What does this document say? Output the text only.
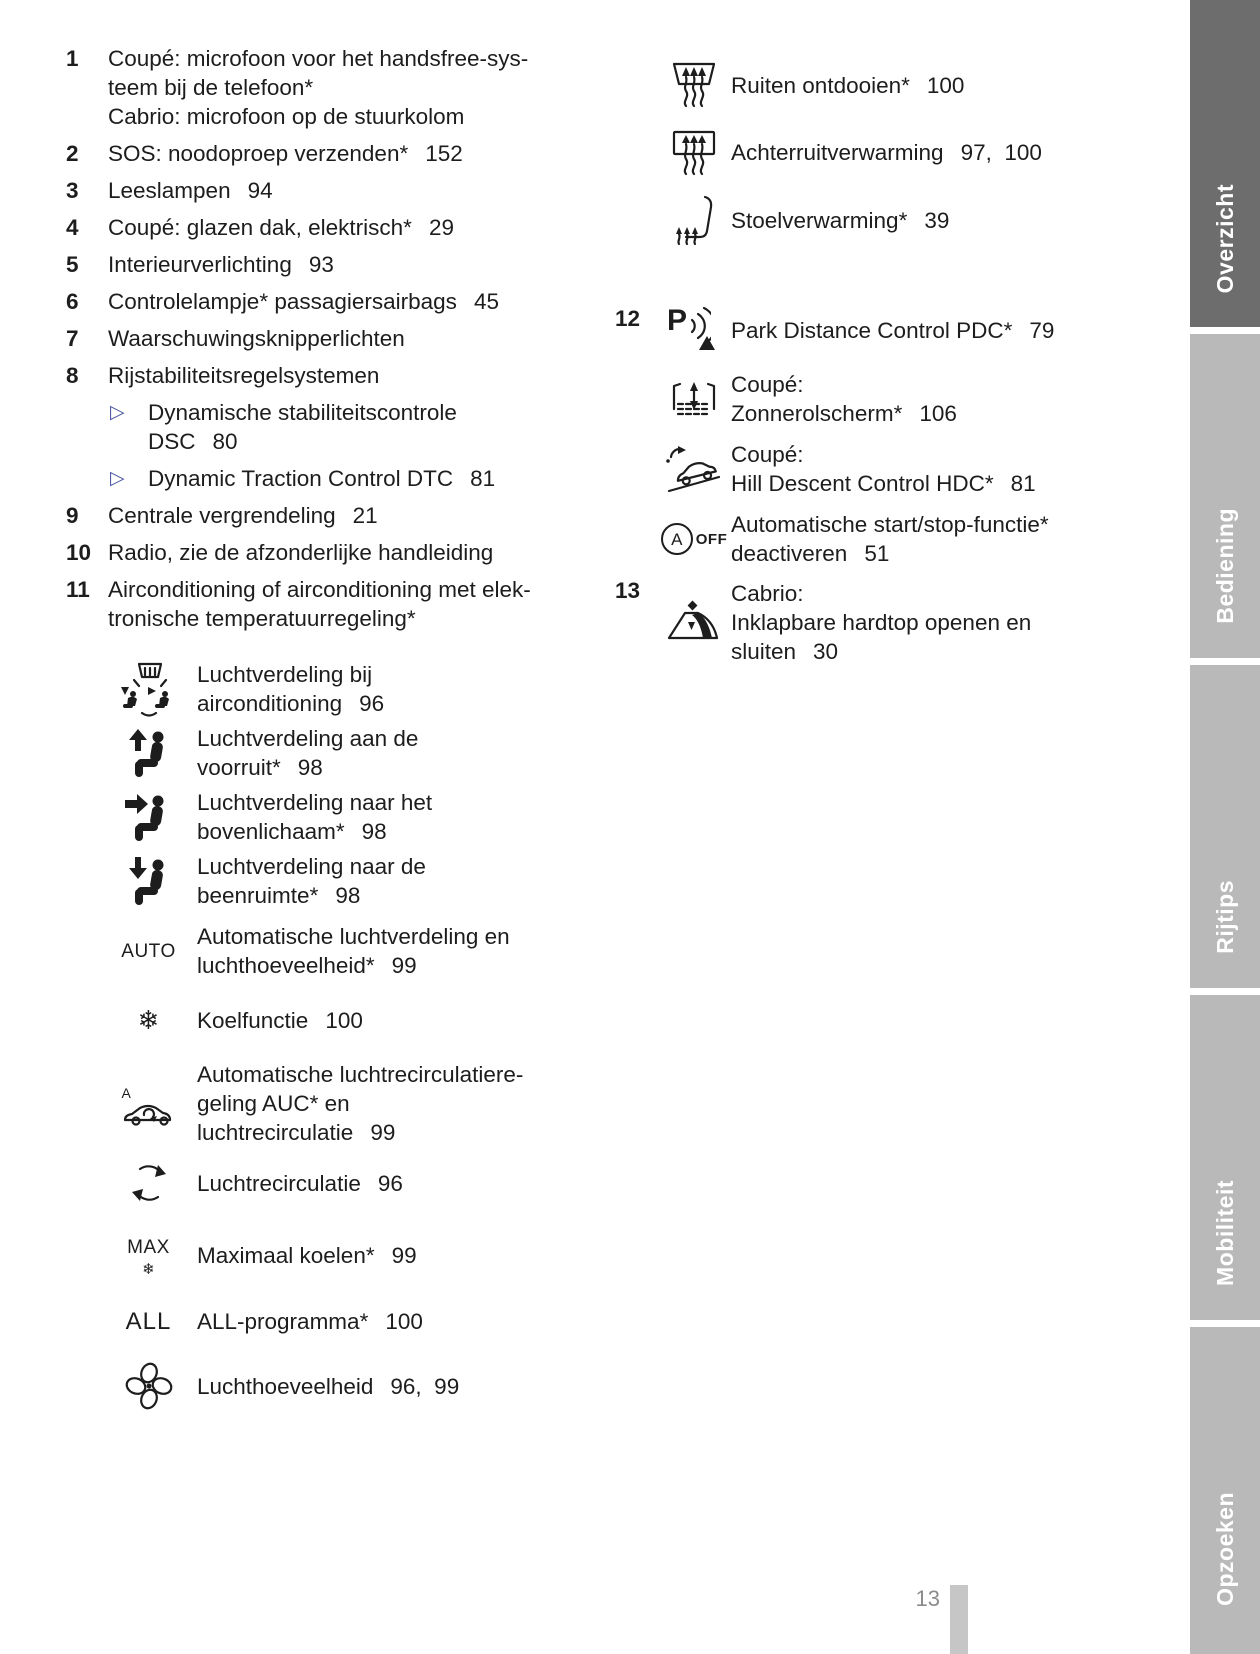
1	Coupé: microfoon voor het handsfree-sys-
teem bij de telefoon*
Cabrio: microfoon op de stuurkolom
2	SOS: noodoproep verzenden* 152
3	Leeslampen 94
4	Coupé: glazen dak, elektrisch* 29
5	Interieurverlichting 93
6	Controlelampje* passagiersairbags 45
7	Waarschuwingsknipperlichten
8	Rijstabiliteitsregelsystemen
▷	Dynamische stabiliteitscontrole
DSC 80
▷	Dynamic Traction Control DTC 81
9	Centrale vergrendeling 21
10 Radio, zie de afzonderlijke handleiding
11 Airconditioning of airconditioning met elek-
tronische temperatuurregeling*
Luchtverdeling bij
airconditioning 96
Luchtverdeling aan de
voorruit* 98
Luchtverdeling naar het
bovenlichaam* 98
Luchtverdeling naar de
beenruimte* 98
AUTO
Automatische luchtverdeling en
luchthoeveelheid* 99
❄	Koelfunctie 100
A
Automatische luchtrecirculatiere-
geling AUC* en
luchtrecirculatie 99
Luchtrecirculatie 96
MAX
❄
Maximaal koelen* 99
ALL	ALL-programma* 100
Luchthoeveelheid 96,  99
Ruiten ontdooien* 100
Achterruitverwarming 97,  100
Stoelverwarming* 39
12 P Park Distance Control PDC* 79
Coupé:
Zonnerolscherm* 106
Coupé:
Hill Descent Control HDC* 81
A OFF
Automatische start/stop-functie*
deactiveren 51
13	Cabrio:
Inklapbare hardtop openen en
sluiten 30
Overzicht
Bediening
Rijtips
Mobiliteit
Opzoeken
13
